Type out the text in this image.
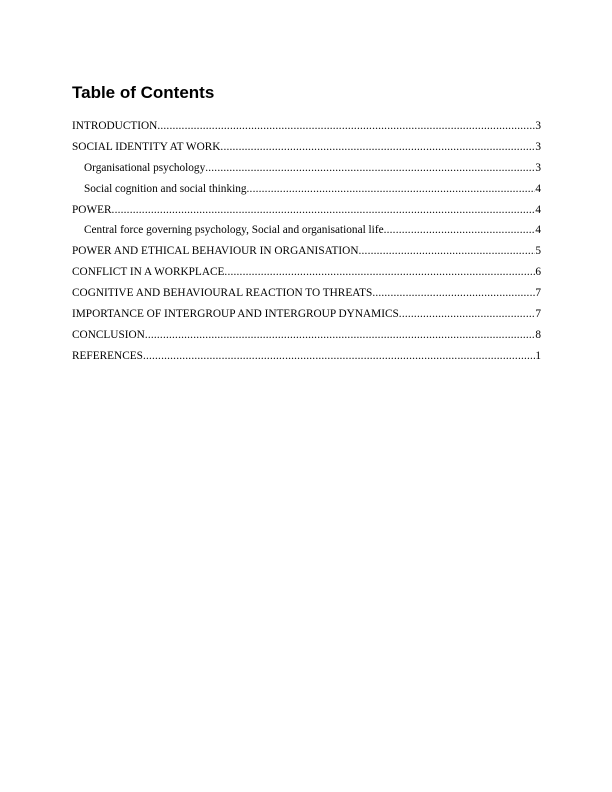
Table of Contents
INTRODUCTION .....	3
SOCIAL IDENTITY AT WORK .....	3
Organisational psychology .....	3
Social cognition and social thinking .....	4
POWER .....	4
Central force governing psychology, Social and organisational life .....	4
POWER AND ETHICAL BEHAVIOUR IN ORGANISATION .....	5
CONFLICT IN A WORKPLACE .....	6
COGNITIVE AND BEHAVIOURAL REACTION TO THREATS .....	7
IMPORTANCE OF INTERGROUP AND INTERGROUP DYNAMICS .....	7
CONCLUSION .....	8
REFERENCES .....	1
